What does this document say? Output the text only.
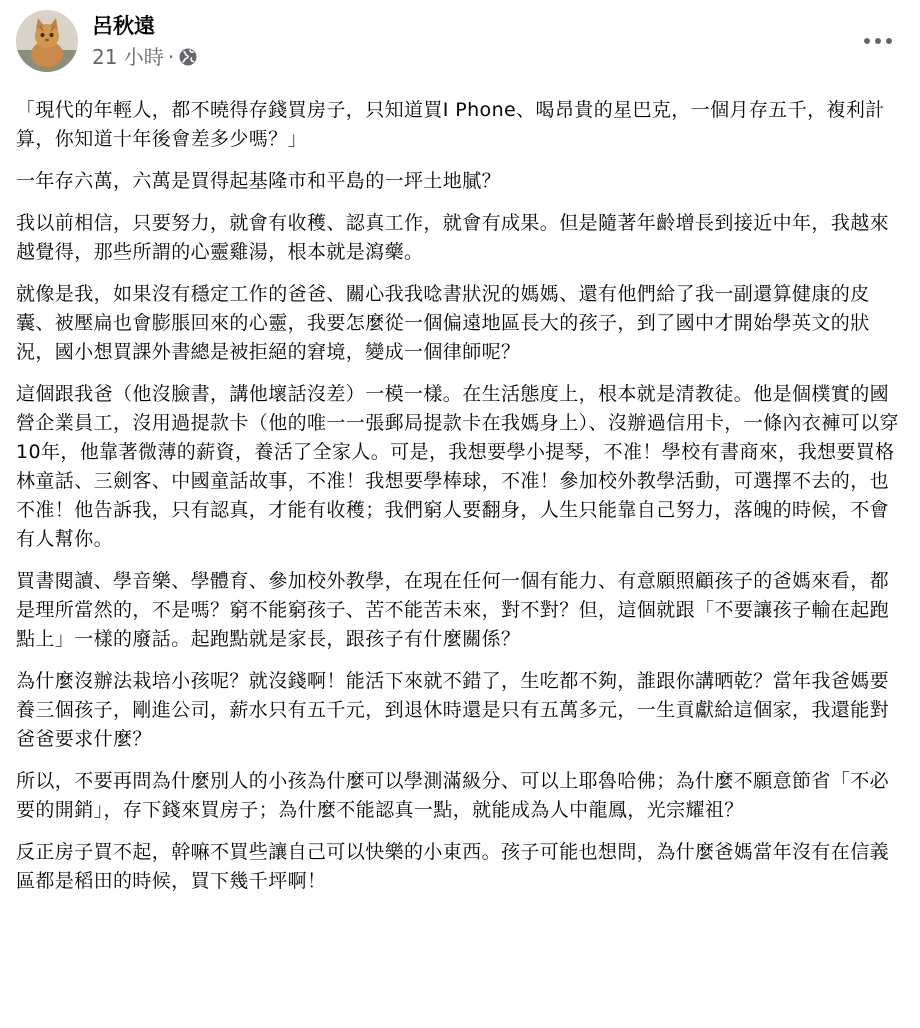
呂秋遠
21 小時 ·

「現代的年輕人，都不曉得存錢買房子，只知道買I Phone、喝昂貴的星巴克，一個月存五千，複利計算，你知道十年後會差多少嗎？」

一年存六萬，六萬是買得起基隆市和平島的一坪土地膩？

我以前相信，只要努力，就會有收穫、認真工作，就會有成果。但是隨著年齡增長到接近中年，我越來越覺得，那些所謂的心靈雞湯，根本就是瀉藥。

就像是我，如果沒有穩定工作的爸爸、關心我我唸書狀況的媽媽、還有他們給了我一副還算健康的皮囊、被壓扁也會膨脹回來的心靈，我要怎麼從一個偏遠地區長大的孩子，到了國中才開始學英文的狀況，國小想買課外書總是被拒絕的窘境，變成一個律師呢？

這個跟我爸（他沒臉書，講他壞話沒差）一模一樣。在生活態度上，根本就是清教徒。他是個樸實的國營企業員工，沒用過提款卡（他的唯一一張郵局提款卡在我媽身上）、沒辦過信用卡，一條內衣褲可以穿10年，他靠著微薄的薪資，養活了全家人。可是，我想要學小提琴，不准！學校有書商來，我想要買格林童話、三劍客、中國童話故事，不准！我想要學棒球，不准！參加校外教學活動，可選擇不去的，也不准！他告訴我，只有認真，才能有收穫；我們窮人要翻身，人生只能靠自己努力，落魄的時候，不會有人幫你。

買書閱讀、學音樂、學體育、參加校外教學，在現在任何一個有能力、有意願照顧孩子的爸媽來看，都是理所當然的，不是嗎？窮不能窮孩子、苦不能苦未來，對不對？但，這個就跟「不要讓孩子輸在起跑點上」一樣的廢話。起跑點就是家長，跟孩子有什麼關係？

為什麼沒辦法栽培小孩呢？就沒錢啊！能活下來就不錯了，生吃都不夠，誰跟你講晒乾？當年我爸媽要養三個孩子，剛進公司，薪水只有五千元，到退休時還是只有五萬多元，一生貢獻給這個家，我還能對爸爸要求什麼？

所以，不要再問為什麼別人的小孩為什麼可以學測滿級分、可以上耶魯哈佛；為什麼不願意節省「不必要的開銷」，存下錢來買房子；為什麼不能認真一點，就能成為人中龍鳳，光宗耀祖？

反正房子買不起，幹嘛不買些讓自己可以快樂的小東西。孩子可能也想問，為什麼爸媽當年沒有在信義區都是稻田的時候，買下幾千坪啊！
